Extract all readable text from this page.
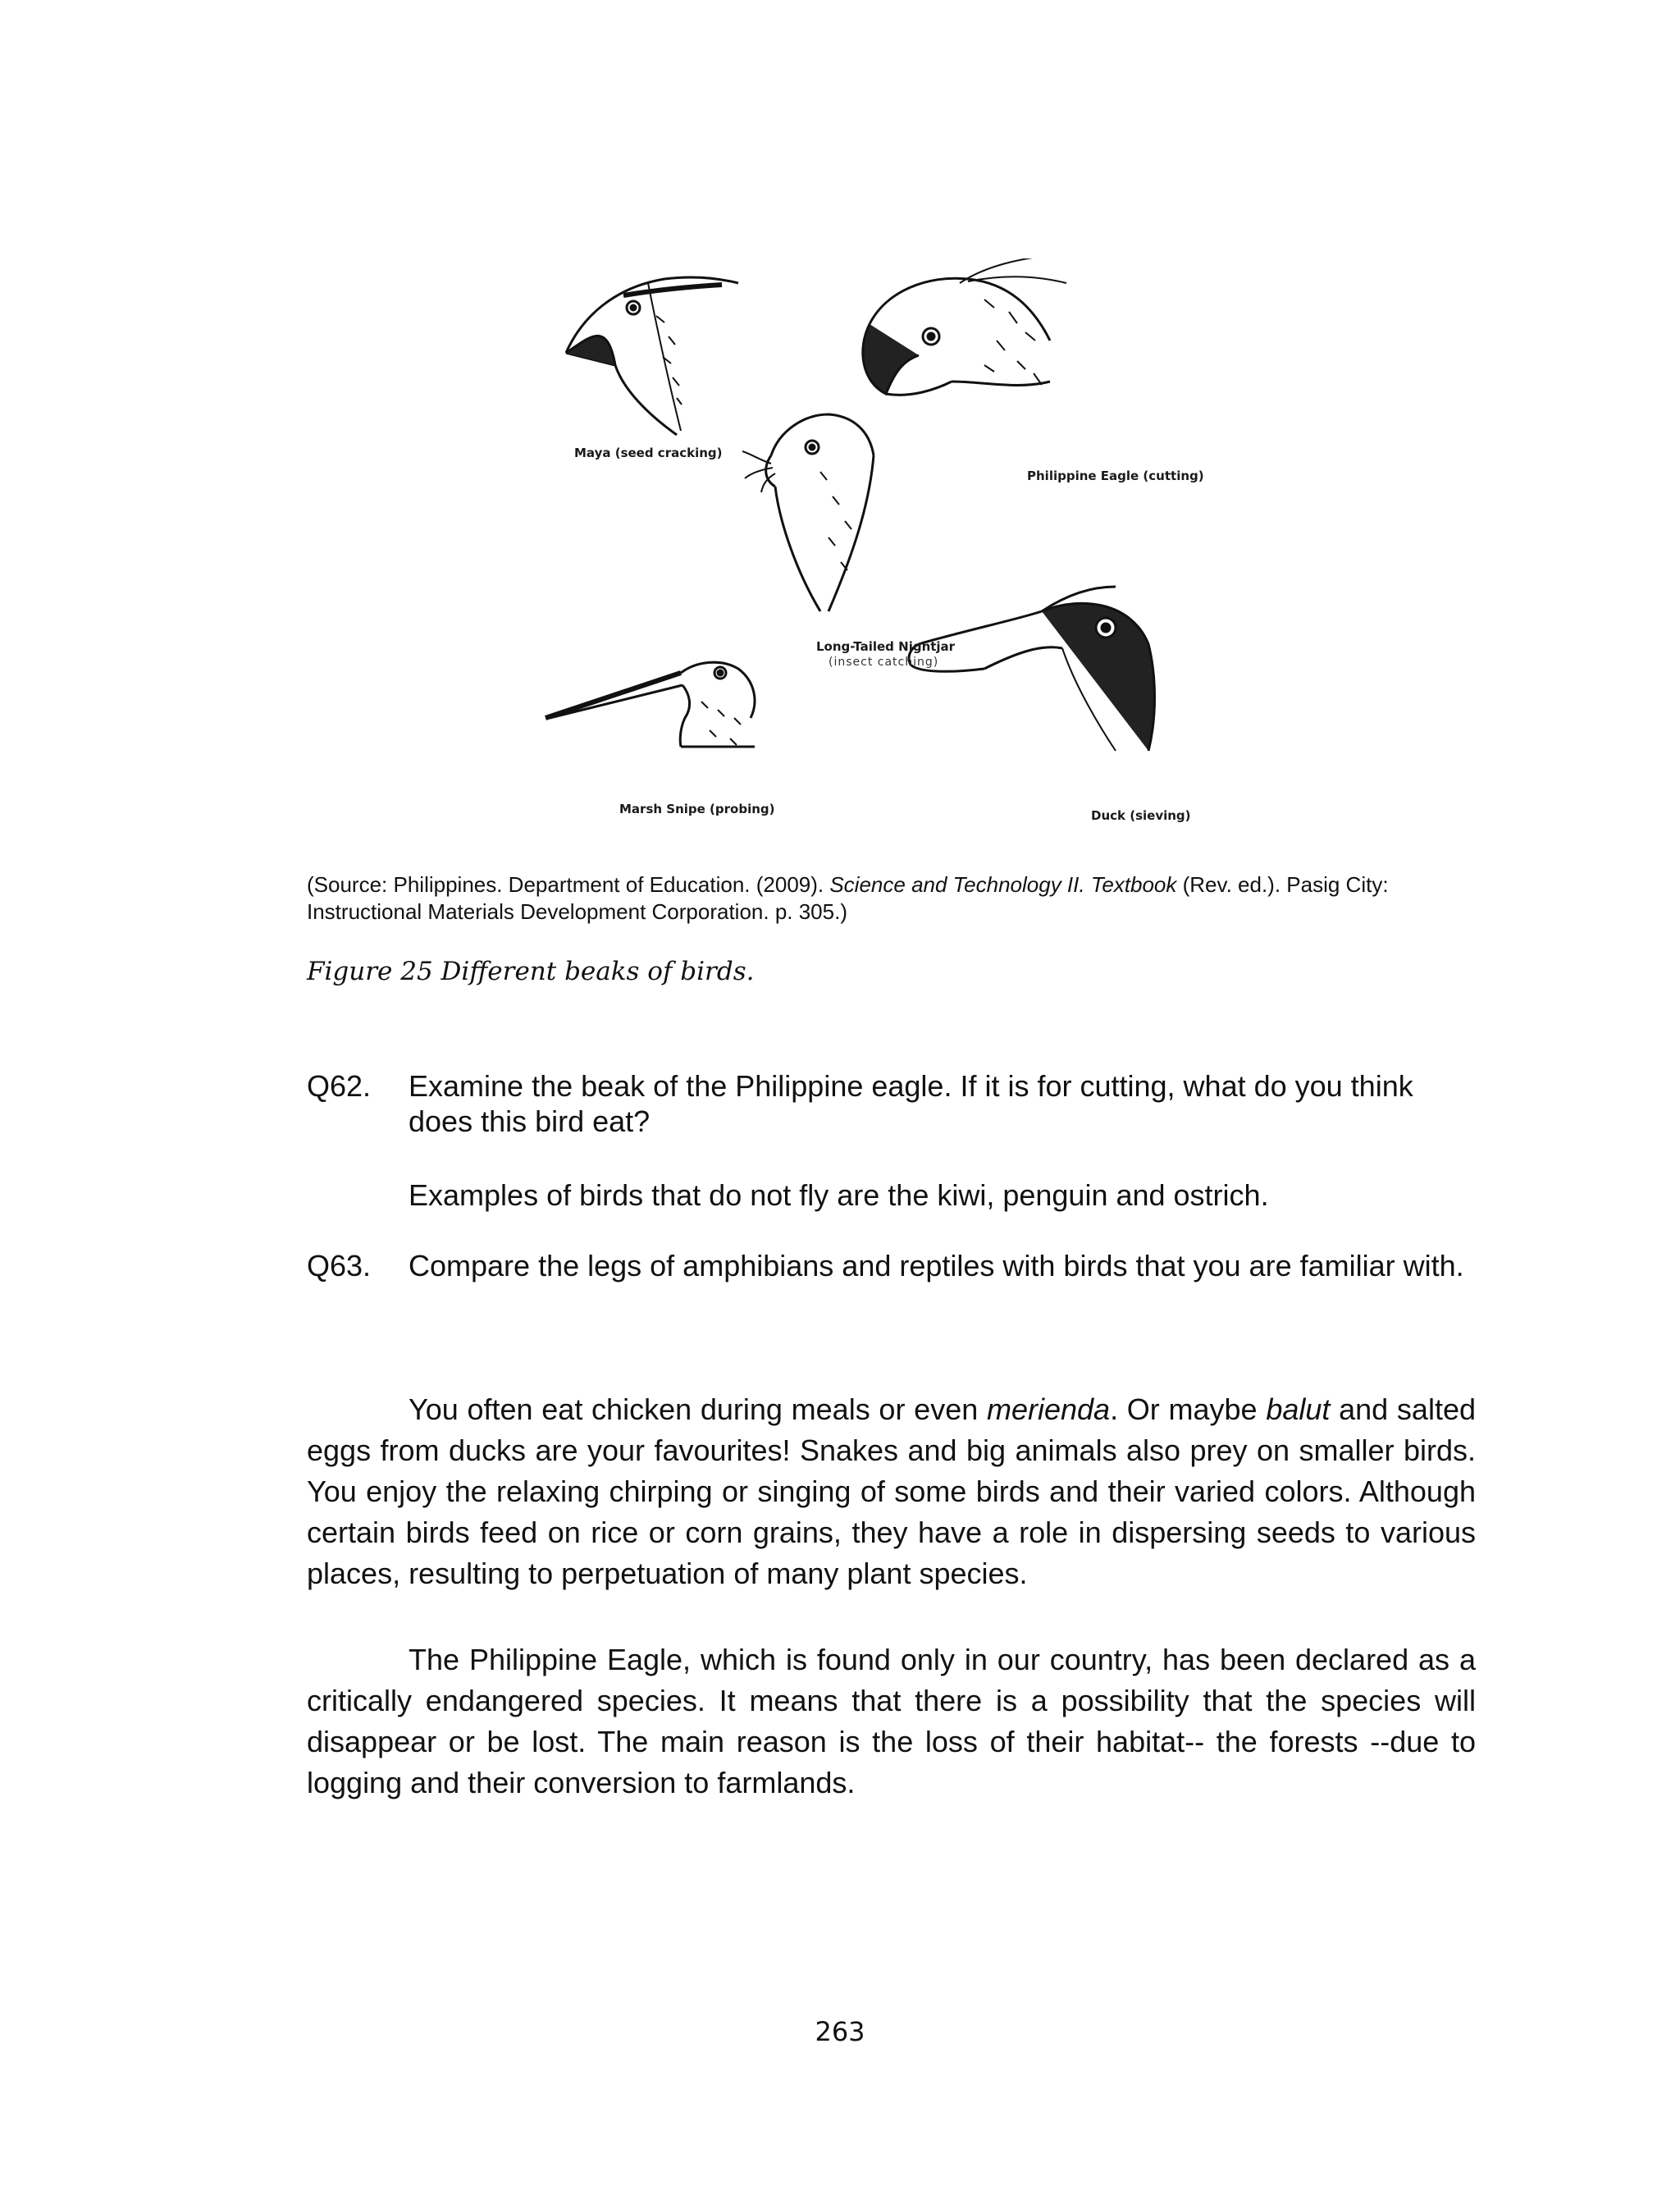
Maya (seed cracking)
Philippine Eagle (cutting)
Long-Tailed Nightjar
(insect catching)
Marsh Snipe (probing)	Duck (sieving)
(Source: Philippines. Department of Education. (2009). Science and Technology II. Textbook (Rev. ed.). Pasig City: Instructional Materials Development Corporation. p. 305.)
Figure 25 Different beaks of birds.
Q62. Examine the beak of the Philippine eagle. If it is for cutting, what do you think does this bird eat?
Examples of birds that do not fly are the kiwi, penguin and ostrich.
Q63. Compare the legs of amphibians and reptiles with birds that you are familiar with.
You often eat chicken during meals or even merienda. Or maybe balut and salted eggs from ducks are your favourites! Snakes and big animals also prey on smaller birds. You enjoy the relaxing chirping or singing of some birds and their varied colors. Although certain birds feed on rice or corn grains, they have a role in dispersing seeds to various places, resulting to perpetuation of many plant species.
The Philippine Eagle, which is found only in our country, has been declared as a critically endangered species. It means that there is a possibility that the species will disappear or be lost. The main reason is the loss of their habitat-- the forests --due to logging and their conversion to farmlands.
263
